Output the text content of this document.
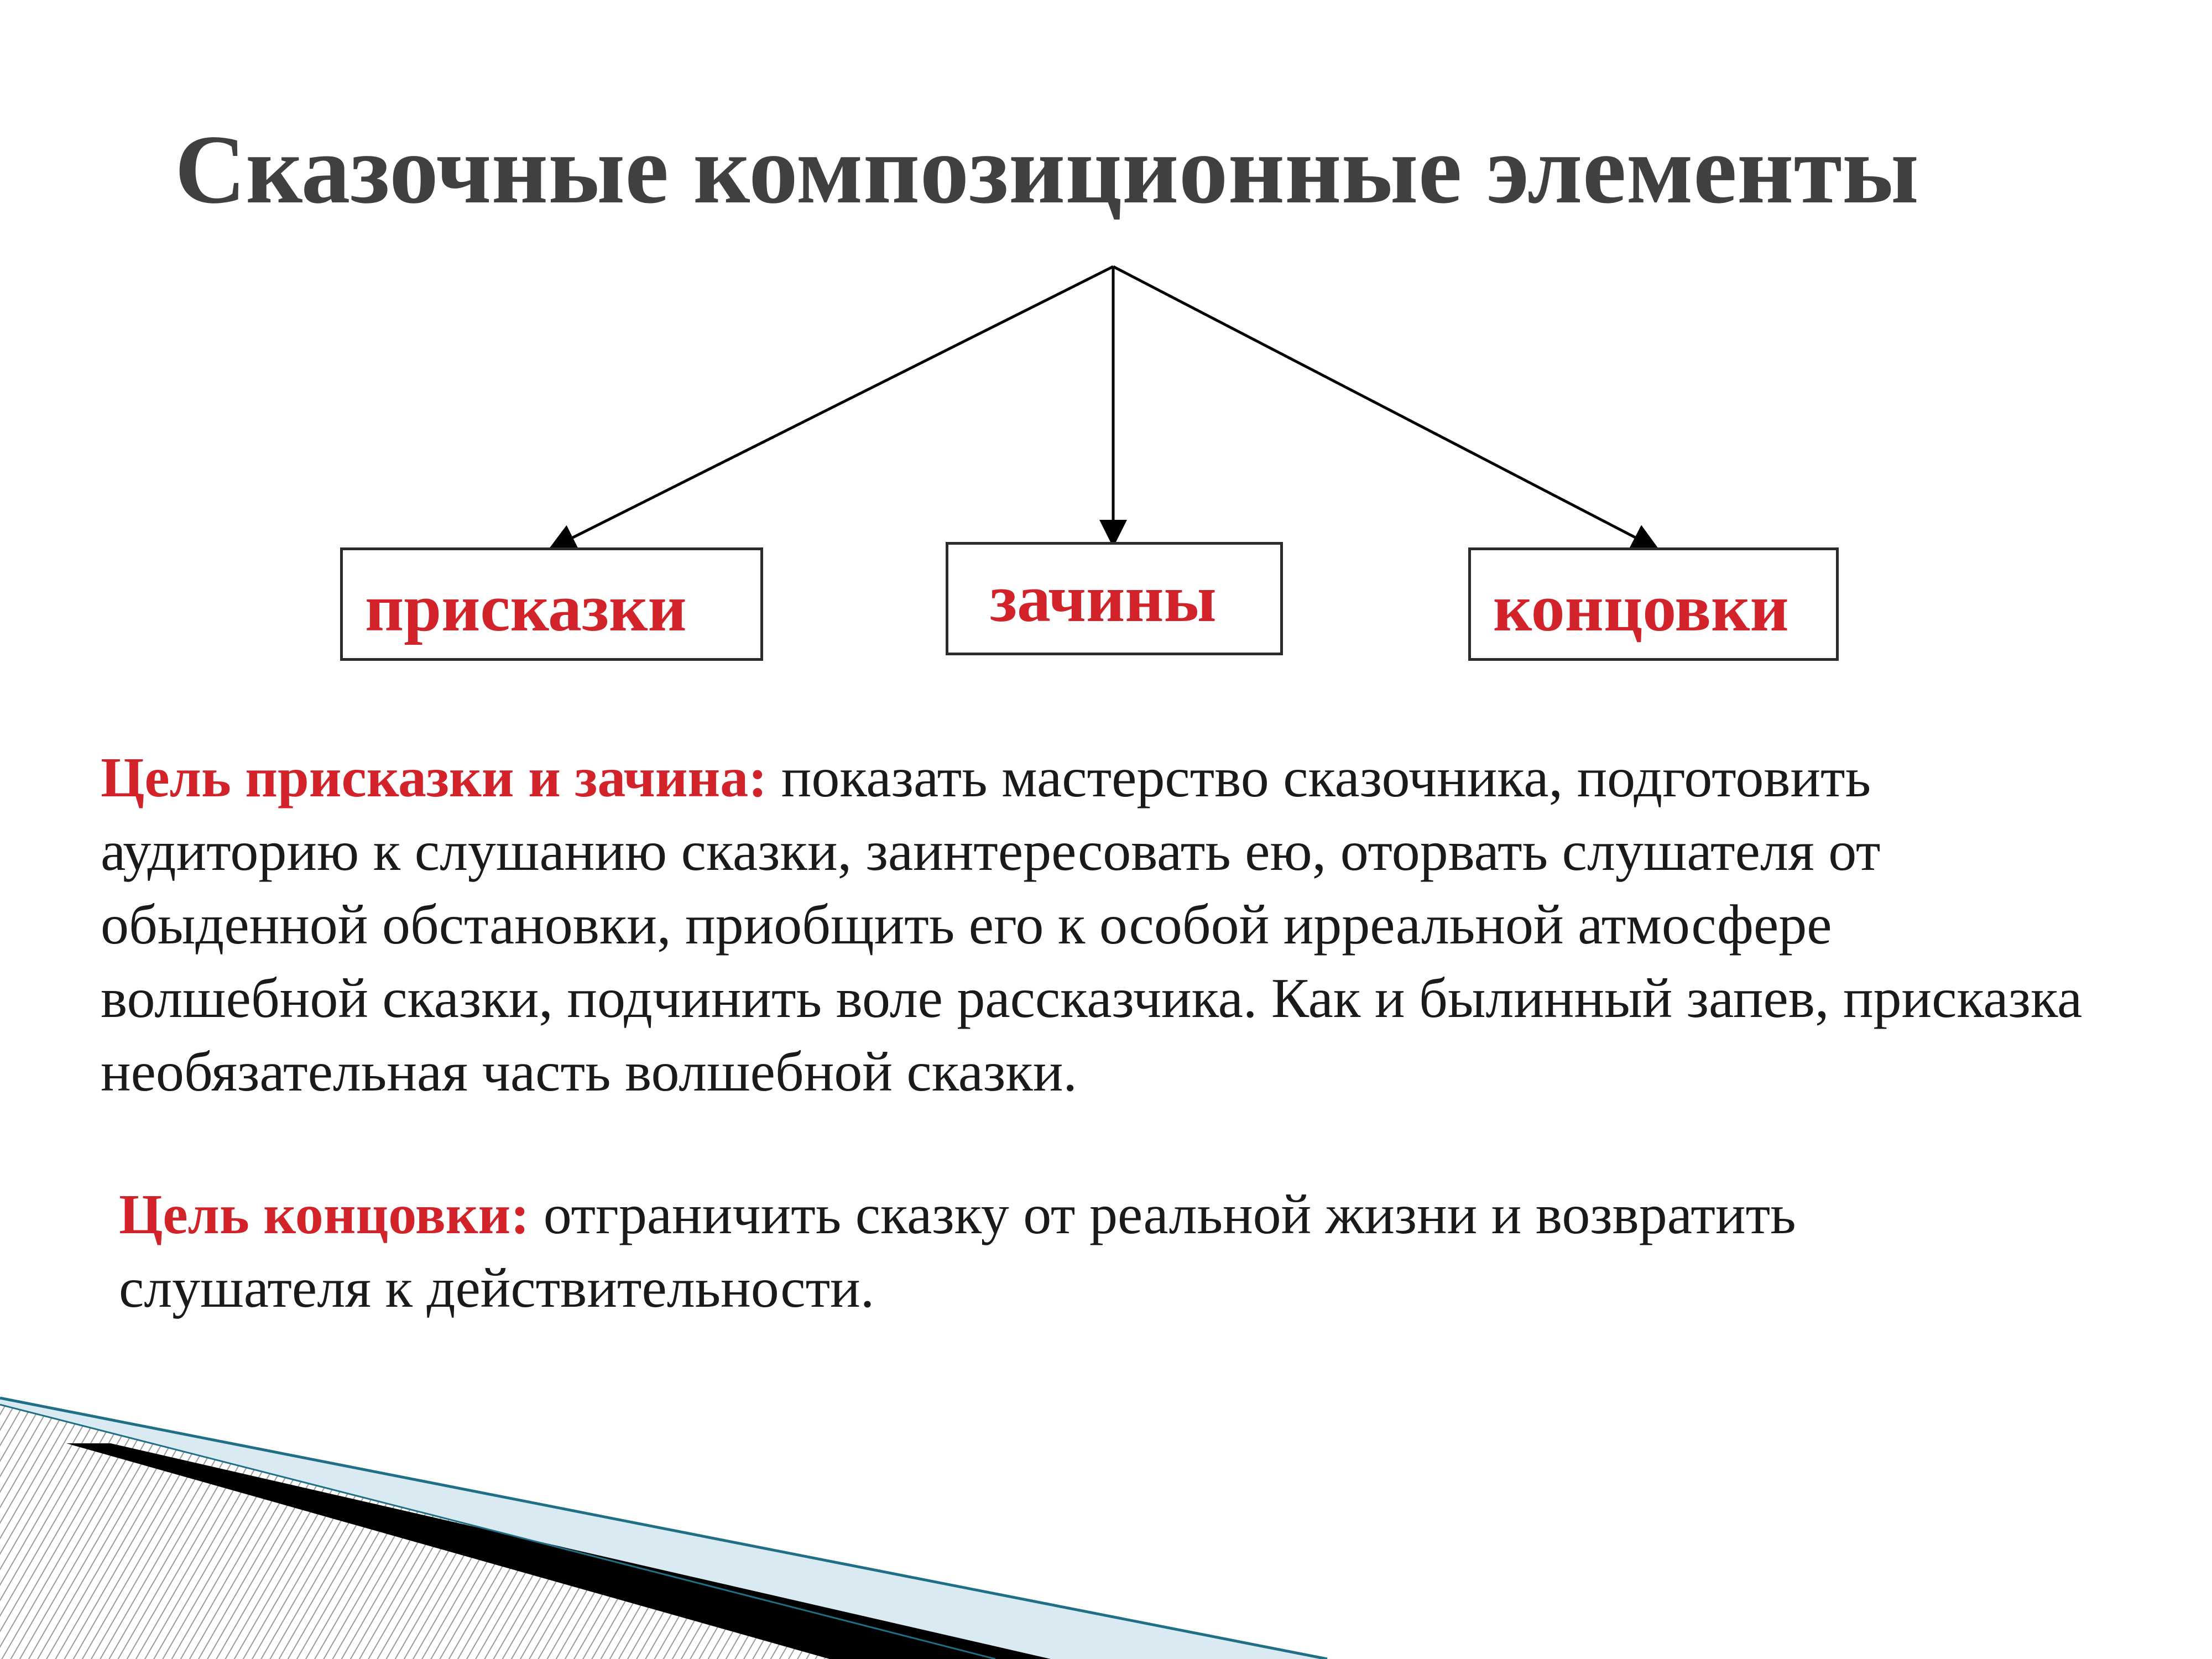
Сказочные композиционные элементы
присказки	зачины	концовки

Цель присказки и зачина: показать мастерство сказочника, подготовить аудиторию к слушанию сказки, заинтересовать ею, оторвать слушателя от обыденной обстановки, приобщить его к особой ирреальной атмосфере волшебной сказки, подчинить воле рассказчика. Как и былинный запев, присказка необязательная часть волшебной сказки.

Цель концовки: отграничить сказку от реальной жизни и возвратить слушателя к действительности.
